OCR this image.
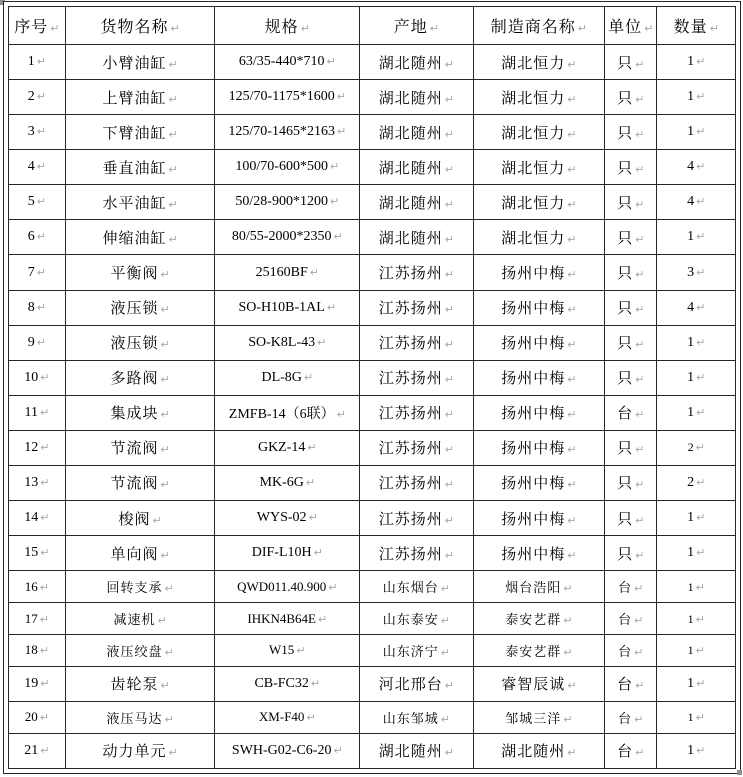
序号 ↵	货物名称 ↵	规格 ↵	产地 ↵	制造商名称 ↵	单位 ↵	数量 ↵
1 ↵	小臂油缸 ↵	63/35-440*710 ↵	湖北随州 ↵	湖北恒力 ↵	只 ↵	1 ↵
2 ↵	上臂油缸 ↵	125/70-1175*1600 ↵	湖北随州 ↵	湖北恒力 ↵	只 ↵	1 ↵
3 ↵	下臂油缸 ↵	125/70-1465*2163 ↵	湖北随州 ↵	湖北恒力 ↵	只 ↵	1 ↵
4 ↵	垂直油缸 ↵	100/70-600*500 ↵	湖北随州 ↵	湖北恒力 ↵	只 ↵	4 ↵
5 ↵	水平油缸 ↵	50/28-900*1200 ↵	湖北随州 ↵	湖北恒力 ↵	只 ↵	4 ↵
6 ↵	伸缩油缸 ↵	80/55-2000*2350 ↵	湖北随州 ↵	湖北恒力 ↵	只 ↵	1 ↵
7 ↵	平衡阀 ↵	25160BF ↵	江苏扬州 ↵	扬州中梅 ↵	只 ↵	3 ↵
8 ↵	液压锁 ↵	SO-H10B-1AL ↵	江苏扬州 ↵	扬州中梅 ↵	只 ↵	4 ↵
9 ↵	液压锁 ↵	SO-K8L-43 ↵	江苏扬州 ↵	扬州中梅 ↵	只 ↵	1 ↵
10 ↵	多路阀 ↵	DL-8G ↵	江苏扬州 ↵	扬州中梅 ↵	只 ↵	1 ↵
11 ↵	集成块 ↵	ZMFB-14（6联） ↵	江苏扬州 ↵	扬州中梅 ↵	台 ↵	1 ↵
12 ↵	节流阀 ↵	GKZ-14 ↵	江苏扬州 ↵	扬州中梅 ↵	只 ↵	2 ↵
13 ↵	节流阀 ↵	MK-6G ↵	江苏扬州 ↵	扬州中梅 ↵	只 ↵	2 ↵
14 ↵	梭阀 ↵	WYS-02 ↵	江苏扬州 ↵	扬州中梅 ↵	只 ↵	1 ↵
15 ↵	单向阀 ↵	DIF-L10H ↵	江苏扬州 ↵	扬州中梅 ↵	只 ↵	1 ↵
16 ↵	回转支承 ↵	QWD011.40.900 ↵	山东烟台 ↵	烟台浩阳 ↵	台 ↵	1 ↵
17 ↵	减速机 ↵	IHKN4B64E ↵	山东泰安 ↵	泰安艺群 ↵	台 ↵	1 ↵
18 ↵	液压绞盘 ↵	W15 ↵	山东济宁 ↵	泰安艺群 ↵	台 ↵	1 ↵
19 ↵	齿轮泵 ↵	CB-FC32 ↵	河北邢台 ↵	睿智辰诚 ↵	台 ↵	1 ↵
20 ↵	液压马达 ↵	XM-F40 ↵	山东邹城 ↵	邹城三洋 ↵	台 ↵	1 ↵
21 ↵	动力单元 ↵	SWH-G02-C6-20 ↵	湖北随州 ↵	湖北随州 ↵	台 ↵	1 ↵
